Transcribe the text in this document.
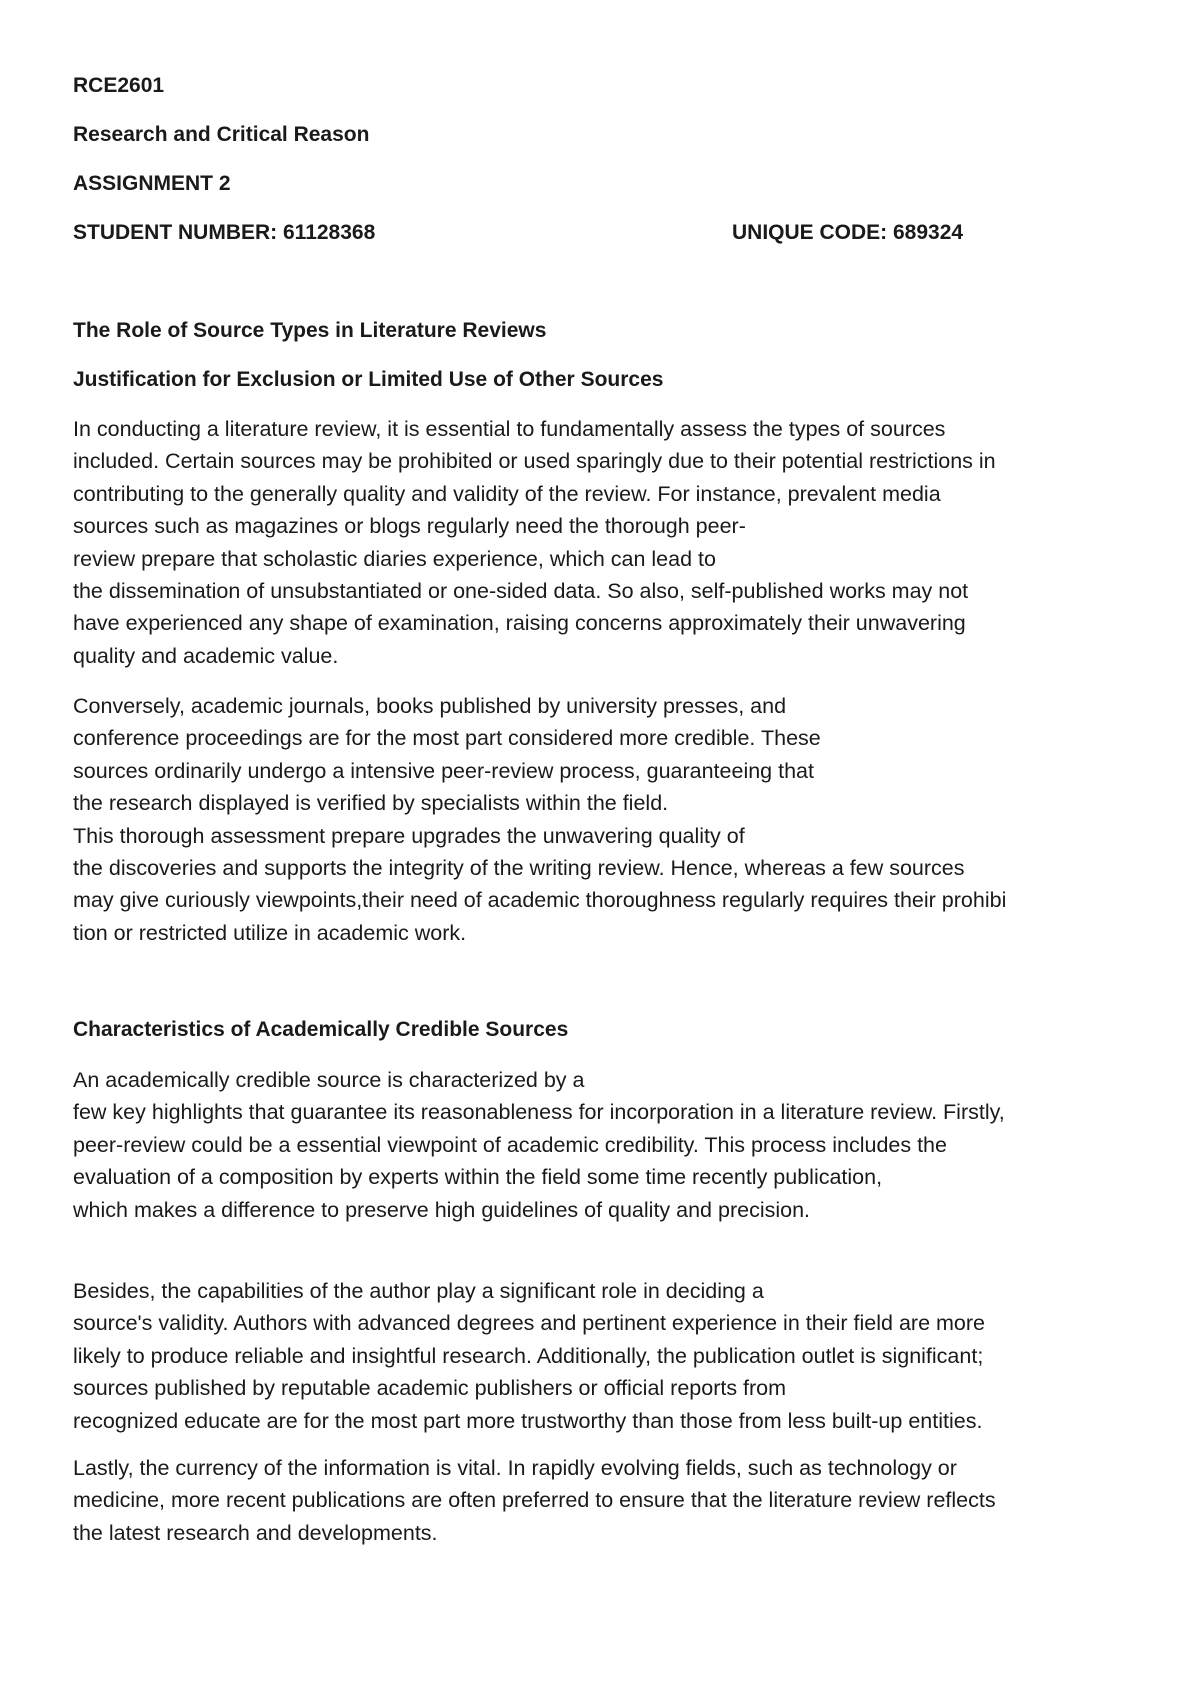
RCE2601
Research and Critical Reason
ASSIGNMENT 2
STUDENT NUMBER: 61128368	UNIQUE CODE: 689324
The Role of Source Types in Literature Reviews
Justification for Exclusion or Limited Use of Other Sources
In conducting a literature review, it is essential to fundamentally assess the types of sources
included. Certain sources may be prohibited or used sparingly due to their potential restrictions in
contributing to the generally quality and validity of the review. For instance, prevalent media
sources such as magazines or blogs regularly need the thorough peer-
review prepare that scholastic diaries experience, which can lead to
the dissemination of unsubstantiated or one-sided data. So also, self-published works may not
have experienced any shape of examination, raising concerns approximately their unwavering
quality and academic value.
Conversely, academic journals, books published by university presses, and
conference proceedings are for the most part considered more credible. These
sources ordinarily undergo a intensive peer-review process, guaranteeing that
the research displayed is verified by specialists within the field.
This thorough assessment prepare upgrades the unwavering quality of
the discoveries and supports the integrity of the writing review. Hence, whereas a few sources
may give curiously viewpoints,their need of academic thoroughness regularly requires their prohibi
tion or restricted utilize in academic work.
Characteristics of Academically Credible Sources
An academically credible source is characterized by a
few key highlights that guarantee its reasonableness for incorporation in a literature review. Firstly,
peer-review could be a essential viewpoint of academic credibility. This process includes the
evaluation of a composition by experts within the field some time recently publication,
which makes a difference to preserve high guidelines of quality and precision.
Besides, the capabilities of the author play a significant role in deciding a
source's validity. Authors with advanced degrees and pertinent experience in their field are more
likely to produce reliable and insightful research. Additionally, the publication outlet is significant;
sources published by reputable academic publishers or official reports from
recognized educate are for the most part more trustworthy than those from less built-up entities.
Lastly, the currency of the information is vital. In rapidly evolving fields, such as technology or
medicine, more recent publications are often preferred to ensure that the literature review reflects
the latest research and developments.
